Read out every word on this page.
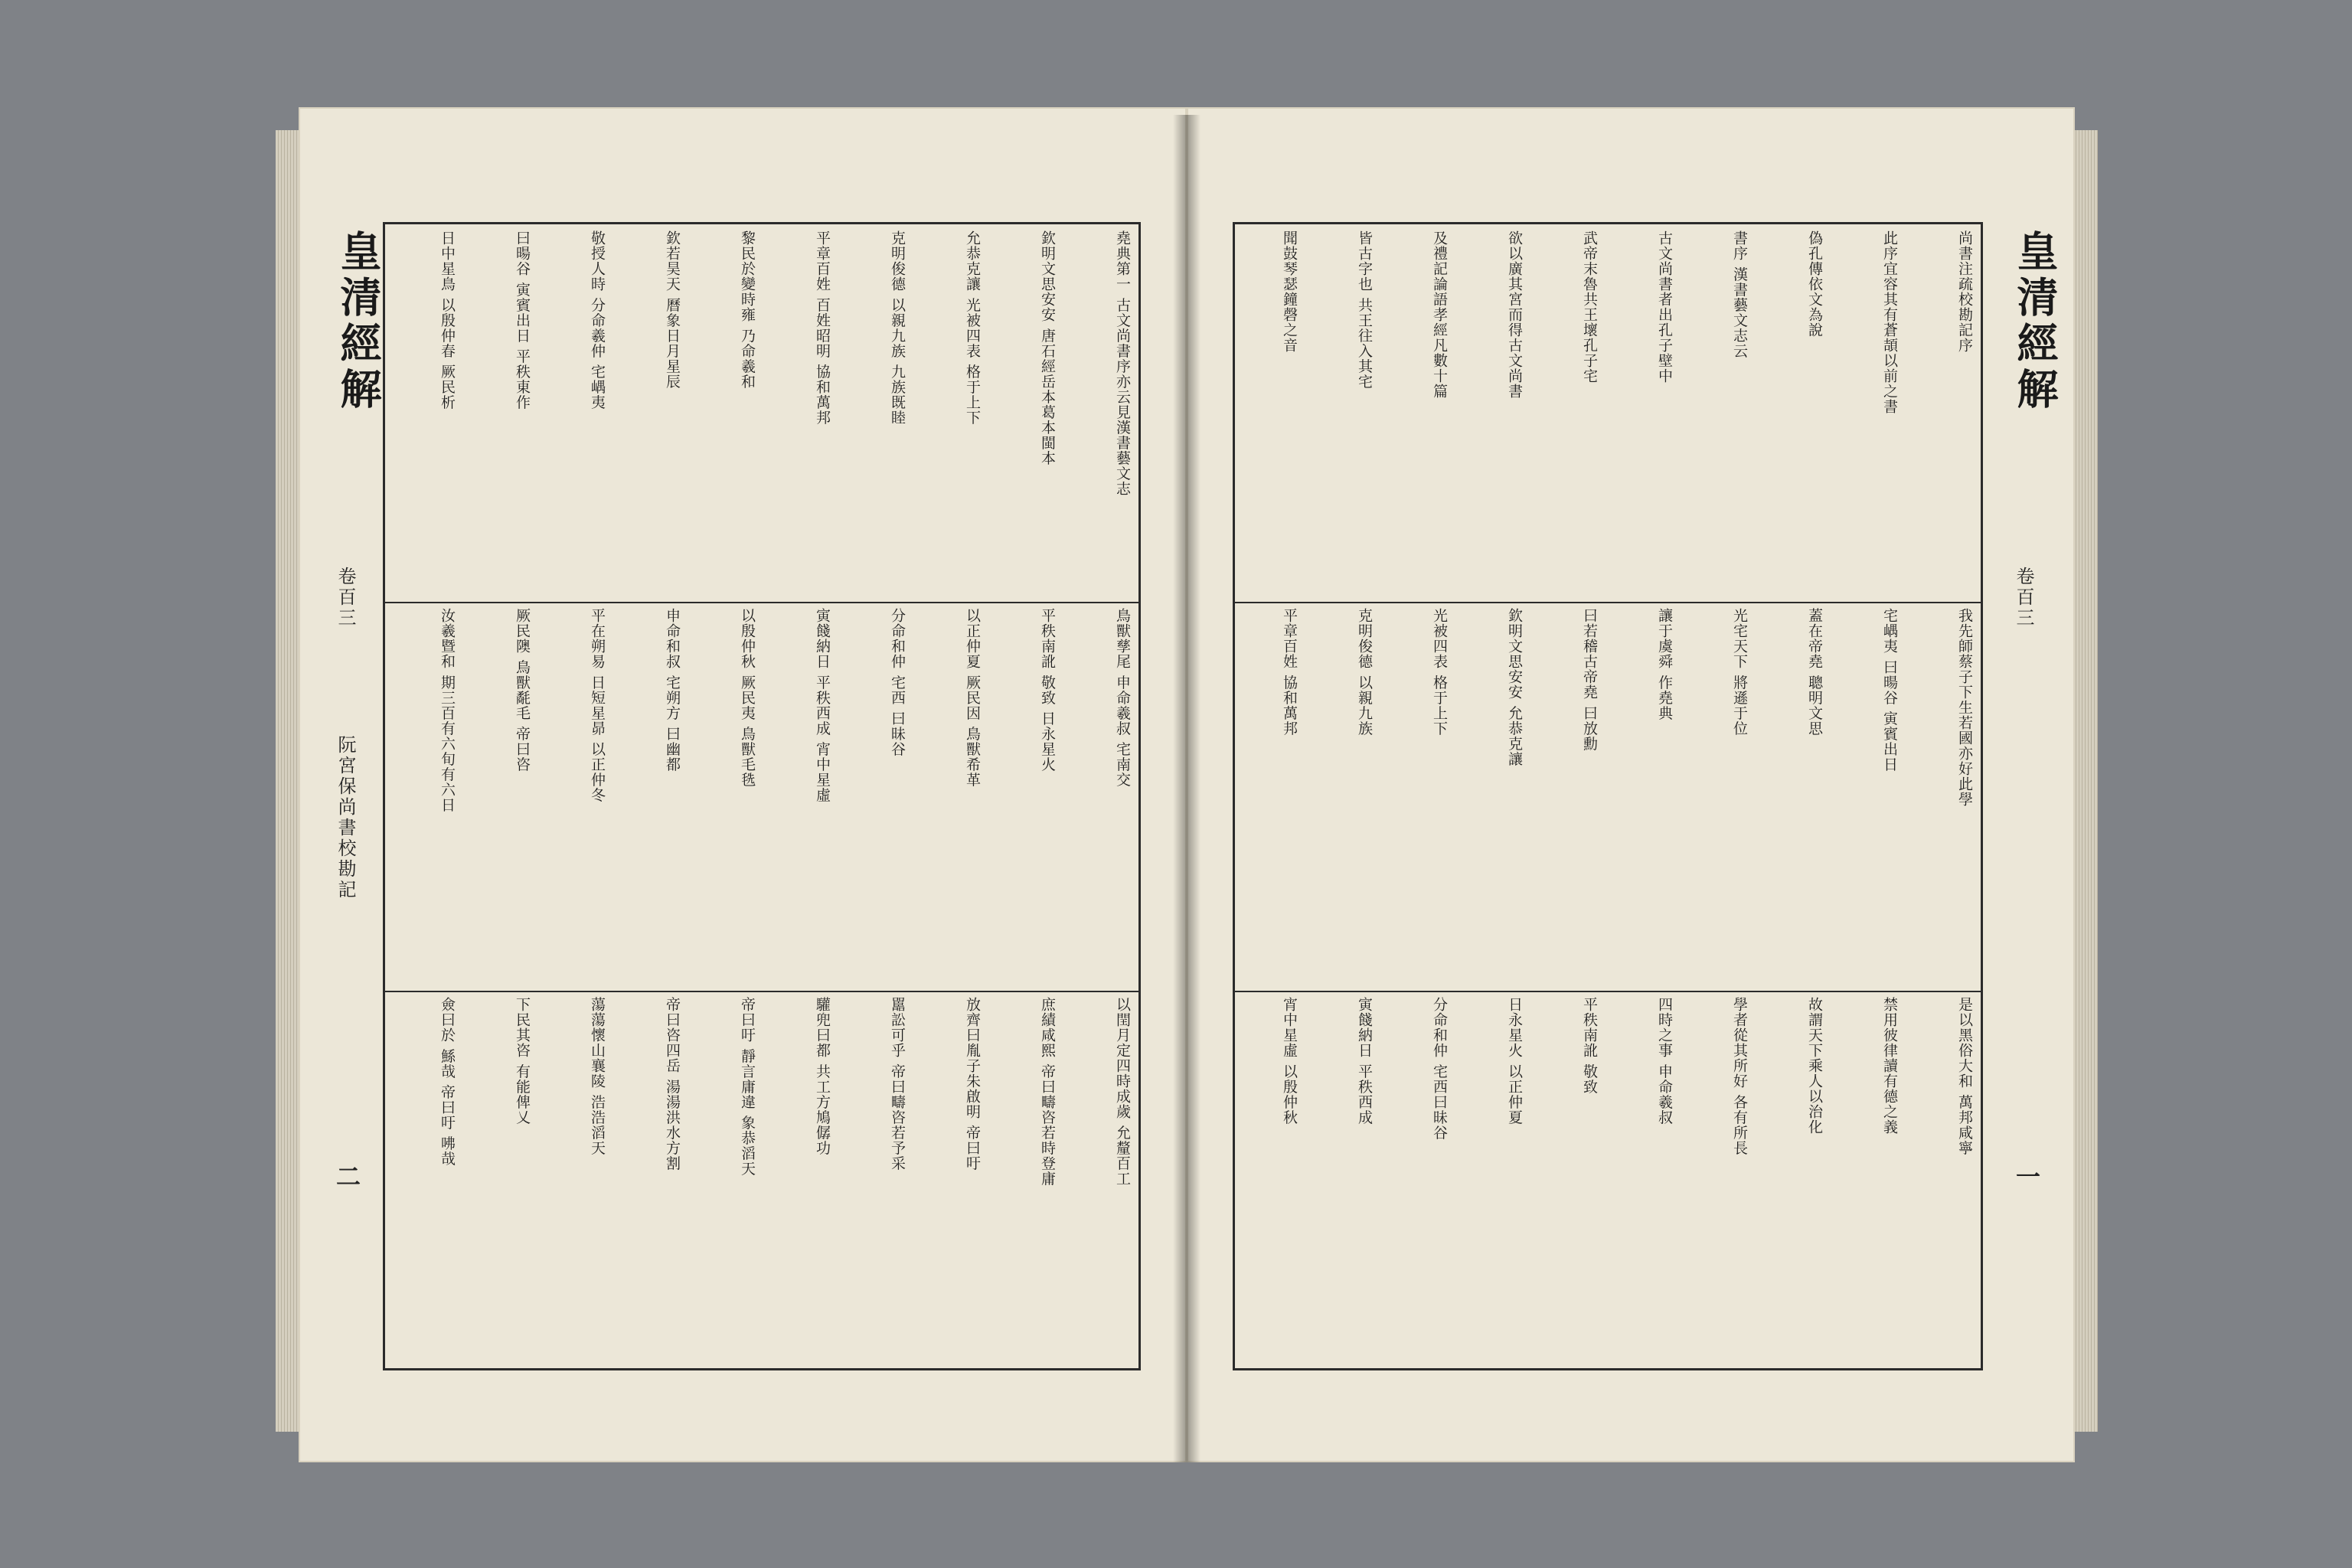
皇清經解
卷百三
阮宮保尚書校勘記
二
堯典第一 古文尚書序亦云見漢書藝文志
欽明文思安安 唐石經岳本葛本閩本
允恭克讓 光被四表 格于上下
克明俊德 以親九族 九族既睦
平章百姓 百姓昭明 協和萬邦
黎民於變時雍 乃命羲和
欽若昊天 曆象日月星辰
敬授人時 分命羲仲 宅嵎夷
曰暘谷 寅賓出日 平秩東作
日中星鳥 以殷仲春 厥民析
鳥獸孳尾 申命羲叔 宅南交
平秩南訛 敬致 日永星火
以正仲夏 厥民因 鳥獸希革
分命和仲 宅西 曰昧谷
寅餞納日 平秩西成 宵中星虛
以殷仲秋 厥民夷 鳥獸毛毨
申命和叔 宅朔方 曰幽都
平在朔易 日短星昴 以正仲冬
厥民隩 鳥獸氄毛 帝曰咨
汝羲暨和 期三百有六旬有六日
以閏月定四時成歲 允釐百工
庶績咸熙 帝曰疇咨若時登庸
放齊曰胤子朱啟明 帝曰吁
嚚訟可乎 帝曰疇咨若予采
驩兜曰都 共工方鳩僝功
帝曰吁 靜言庸違 象恭滔天
帝曰咨四岳 湯湯洪水方割
蕩蕩懷山襄陵 浩浩滔天
下民其咨 有能俾乂
僉曰於 鯀哉 帝曰吁 咈哉
皇清經解
卷百三
一
尚書注疏校勘記序
此序宜容其有蒼頡以前之書
偽孔傳依文為說
書序 漢書藝文志云
古文尚書者出孔子壁中
武帝末魯共王壞孔子宅
欲以廣其宮而得古文尚書
及禮記論語孝經凡數十篇
皆古字也 共王往入其宅
聞鼓琴瑟鐘磬之音
我先師蔡子下生若國亦好此學
宅嵎夷 曰暘谷 寅賓出日
蓋在帝堯 聰明文思
光宅天下 將遜于位
讓于虞舜 作堯典
曰若稽古帝堯 曰放勳
欽明文思安安 允恭克讓
光被四表 格于上下
克明俊德 以親九族
平章百姓 協和萬邦
是以黑俗大和 萬邦咸寧
禁用彼律讀有德之義
故謂天下乘人以治化
學者從其所好 各有所長
四時之事 申命羲叔
平秩南訛 敬致
日永星火 以正仲夏
分命和仲 宅西曰昧谷
寅餞納日 平秩西成
宵中星虛 以殷仲秋
